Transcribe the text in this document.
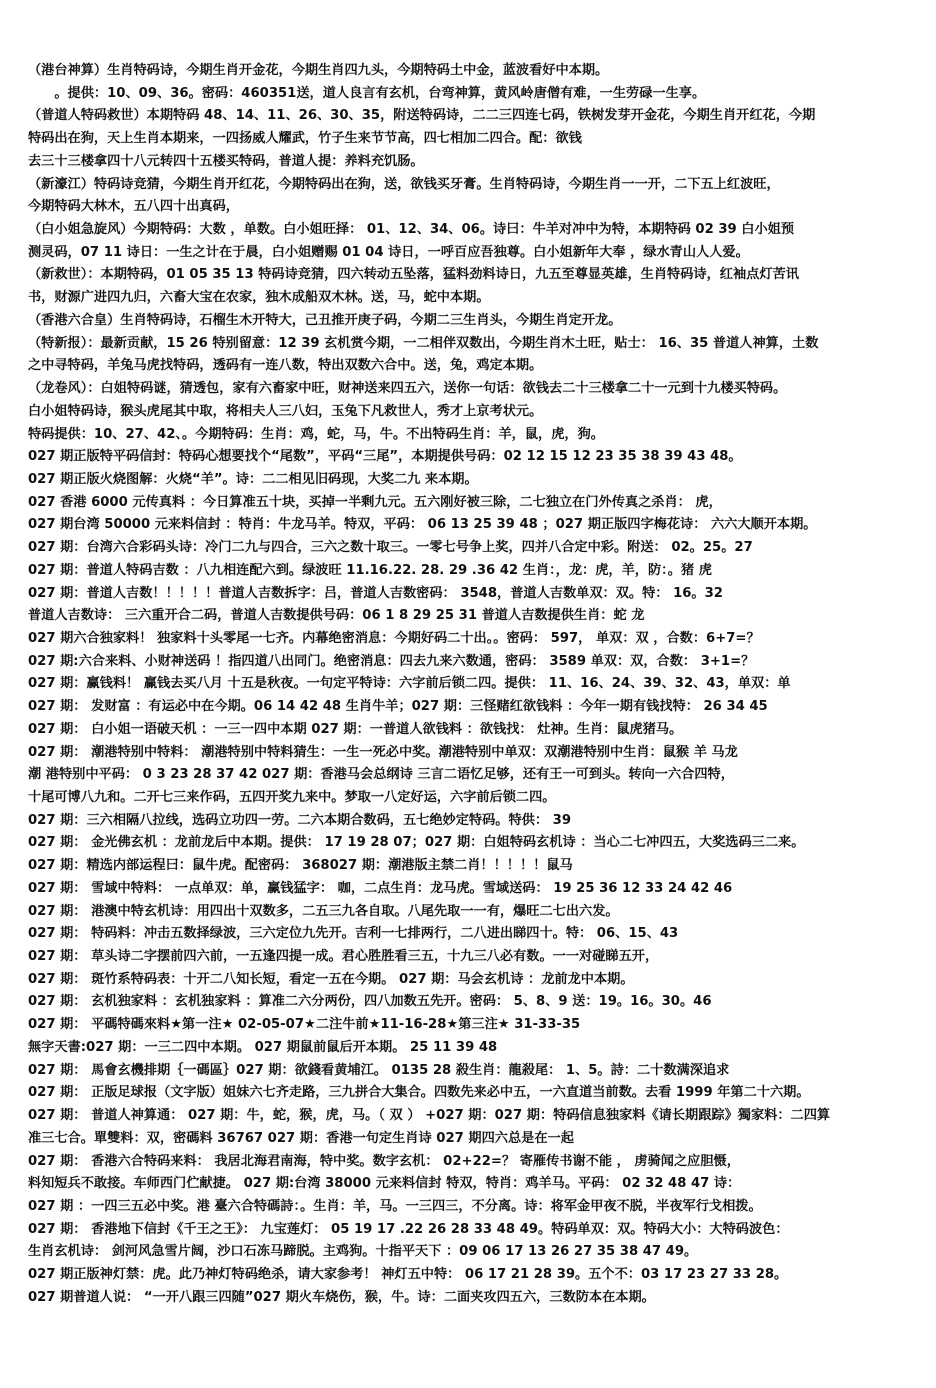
（港台神算）生肖特码诗，今期生肖开金花，今期生肖四九头，今期特码土中金，蓝波看好中本期。
　　。提供：10、09、36。密码：460351送，道人良言有玄机，台弯神算，黄风岭唐僧有难，一生劳碌一生享。
（普道人特码救世）本期特码 48、14、11、26、30、35，附送特码诗，二二三四连七码，铁树发芽开金花，今期生肖开红花，今期
特码出在狗，天上生肖本期来，一四扬威人耀武，竹子生来节节高，四七相加二四合。配：欲钱
去三十三楼拿四十八元转四十五楼买特码，普道人提：养料充饥肠。
（新濠江）特码诗竞猜，今期生肖开红花，今期特码出在狗，送，欲钱买牙膏。生肖特码诗，今期生肖一一开，二下五上红波旺，
今期特码大林木，五八四十出真码，
（白小姐急旋风）今期特码：大数 ，单数。白小姐旺择： 01、12、34、06。诗曰：牛羊对冲中为特，本期特码 02 39 白小姐预
测灵码，07 11 诗日：一生之计在于晨，白小姐赠赐 01 04 诗日，一呼百应吾独尊。白小姐新年大奉 ，绿水青山人人爱。
（新救世）：本期特码，01 05 35 13 特码诗竞猜，四六转动五坠落，猛料劲料诗日，九五至尊显英雄，生肖特码诗，红袖点灯苦讯
书，财源广进四九归，六畜大宝在农家，独木成船双木林。送，马，蛇中本期。
（香港六合皇）生肖特码诗，石榴生木开特大，己丑推开庚子码，今期二三生肖头，今期生肖定开龙。
（特新报）：最新贡献，15 26 特别留意：12 39 玄机赏今期，一二相伴双数出，今期生肖木土旺，贴士： 16、35 普道人神算，土数
之中寻特码，羊兔马虎找特码，透码有一连八数，特出双数六合中。送，兔，鸡定本期。
（龙卷风）：白姐特码谜，猜透包，家有六畜家中旺，财神送来四五六，送你一句话：欲钱去二十三楼拿二十一元到十九楼买特码。
白小姐特码诗，猴头虎尾其中取，将相夫人三八妇，玉兔下凡救世人，秀才上京考状元。
特码提供：10、27、42、。今期特码：生肖：鸡，蛇，马，牛。不出特码生肖：羊，鼠，虎，狗。
027 期正版特平码信封：特码心想要找个“尾数”，平码“三尾”，本期提供号码：02 12 15 12 23 35 38 39 43 48。
027 期正版火烧图解：火烧“羊”。诗：二二相见旧码现，大奖二九 来本期。
027 香港 6000 元传真料 ：今日算准五十块，买掉一半剩九元。五六刚好被三除，二七独立在门外传真之杀肖： 虎，
027 期台湾 50000 元来料信封 ：特肖：牛龙马羊。特双，平码： 06 13 25 39 48 ；027 期正版四字梅花诗： 六六大顺开本期。
027 期：台湾六合彩码头诗：冷门二九与四合，三六之数十取三。一零七号争上奖，四并八合定中彩。附送： 02。25。27
027 期：普道人特码吉数 ：八九相连配六到。绿波旺 11.16.22. 28. 29 .36 42 生肖：，龙：虎，羊，防：。猪 虎
027 期：普道人吉数！！！！！普道人吉数拆字：吕，普道人吉数密码： 3548，普道人吉数单双：双。特： 16。32
普道人吉数诗： 三六重开合二码，普道人吉数提供号码：06 1 8 29 25 31 普道人吉数提供生肖：蛇 龙
027 期六合独家料！ 独家料十头零尾一七齐。内幕绝密消息：今期好码二十出。。密码： 597， 单双：双 ，合数：6+7=？
027 期:六合来料、小财神送码 ！指四道八出同门。绝密消息：四去九来六数通，密码： 3589 单双：双，合数： 3+1=？
027 期：赢钱料！ 赢钱去买八月 十五是秋夜。一句定平特诗：六字前后锁二四。提供： 11、16、24、39、32、43，单双：单
027 期： 发财富 ：有运必中在今期。06 14 42 48 生肖牛羊；027 期：三怪赌红欲钱料 ：今年一期有钱找特： 26 34 45
027 期： 白小姐一语破天机 ：一三一四中本期 027 期：一普道人欲钱料 ：欲钱找： 灶神。生肖：鼠虎猪马。
027 期： 潮港特别中特料： 潮港特别中特料猜生：一生一死必中奖。潮港特别中单双：双潮港特别中生肖：鼠猴 羊 马龙
潮 港特别中平码： 0 3 23 28 37 42 027 期：香港马会总纲诗 三言二语忆足够，还有王一可到头。转向一六合四特，
十尾可博八九和。二开七三来作码，五四开奖九来中。梦取一八定好运，六字前后锁二四。
027 期：三六相隔八拉线，选码立功四一劳。二六本期合数码，五七绝妙定特码。特供： 39
027 期： 金光佛玄机 ：龙前龙后中本期。提供： 17 19 28 07；027 期：白姐特码玄机诗 ：当心二七冲四五，大奖选码三二来。
027 期：精选内部运程曰：鼠牛虎。配密码： 368027 期：潮港版主禁二肖！！！！！鼠马
027 期： 雪域中特料： 一点单双：单，赢钱猛字： 咖，二点生肖：龙马虎。雪域送码： 19 25 36 12 33 24 42 46
027 期： 港澳中特玄机诗：用四出十双数多，二五三九各自取。八尾先取一一有，爆旺二七出六发。
027 期： 特码料：冲击五数择绿波，三六定位九先开。吉利一七排两行，二八进出睇四十。特： 06、15、43
027 期： 草头诗二字摆前四六前，一五逢四提一成。君心胜胜看三五，十九三八必有数。一一对碰睇五开，
027 期： 斑竹系特码表：十开二八知长短，看定一五在今期。 027 期：马会玄机诗 ：龙前龙中本期。
027 期： 玄机独家料 ：玄机独家料 ：算准二六分两份，四八加数五先开。密码： 5、8、9 送：19。16。30。46
027 期： 平碼特碼來料★第一注★ 02-05-07★二注牛前★11-16-28★第三注★ 31-33-35
無字天書:027 期：一三二四中本期。 027 期鼠前鼠后开本期。 25 11 39 48
027 期： 馬會玄機排期｛一碼區｝027 期：欲錢看黄埔江。 0135 28 殺生肖：龍殺尾： 1、5。詩：二十数满深追求
027 期： 正版足球报（文字版）姐妹六七齐走路，三九拼合大集合。四数先来必中五，一六直道当前数。去看 1999 年第二十六期。
027 期： 普道人神算通： 027 期：牛，蛇，猴，虎，马。（ 双 ） +027 期：027 期：特码信息独家料《请长期跟踪》獨家料：二四算
准三七合。單雙料：双，密碼料 36767 027 期：香港一句定生肖诗 027 期四六总是在一起
027 期： 香港六合特码来料： 我居北海君南海，特中奖。数字玄机： 02+22=？ 寄雁传书谢不能 ， 虏骑闻之应胆慑，
料知短兵不敢接。车师西门伫献捷。 027 期:台湾 38000 元来料信封 特双，特肖：鸡羊马。平码： 02 32 48 47 诗：
027 期 ：一四三五必中奖。港 臺六合特碼詩：。生肖：羊，马。一三四三，不分离。诗：将军金甲夜不脱，半夜军行戈相拨。
027 期： 香港地下信封《千王之王》： 九宝莲灯： 05 19 17 .22 26 28 33 48 49。特码单双：双。特码大小：大特码波色：
生肖玄机诗： 剑河风急雪片阔，沙口石冻马蹄脱。主鸡狗。十指平天下 ：09 06 17 13 26 27 35 38 47 49。
027 期正版神灯禁：虎。此乃神灯特码绝杀，请大家参考！ 神灯五中特： 06 17 21 28 39。五个不：03 17 23 27 33 28。
027 期普道人说： “一开八跟三四随”027 期火车烧伤，猴，牛。诗：二面夹攻四五六，三数防本在本期。
